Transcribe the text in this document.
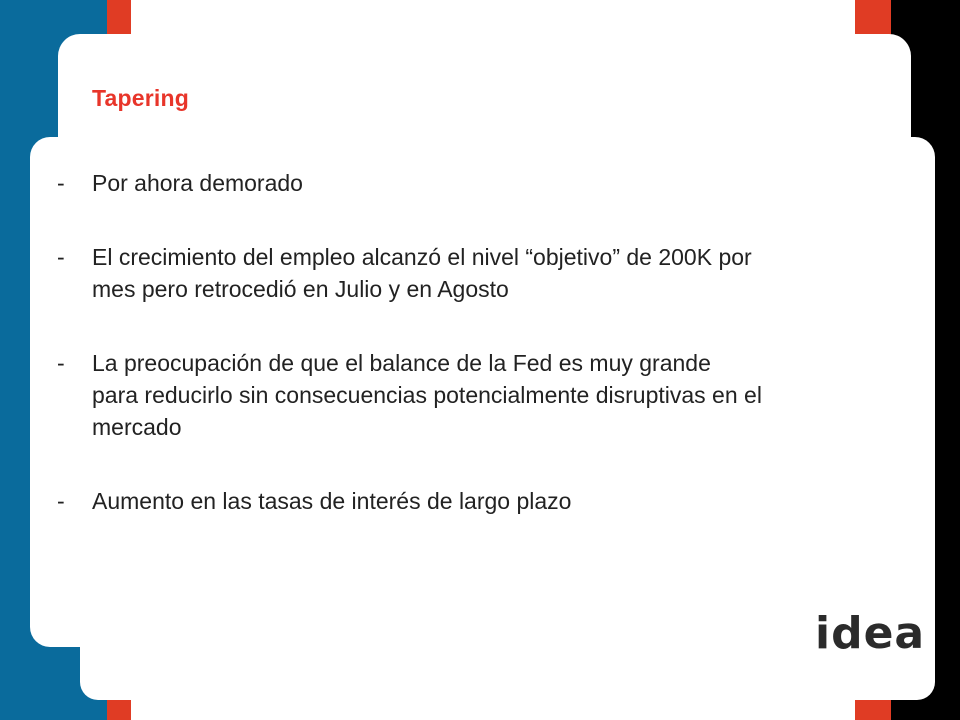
Tapering
- Por ahora demorado
- El crecimiento del empleo alcanzó el nivel “objetivo” de 200K por
mes pero retrocedió en Julio y en Agosto
- La preocupación de que el balance de la Fed es muy grande
para reducirlo sin consecuencias potencialmente disruptivas en el
mercado
- Aumento en las tasas de interés de largo plazo
idea
